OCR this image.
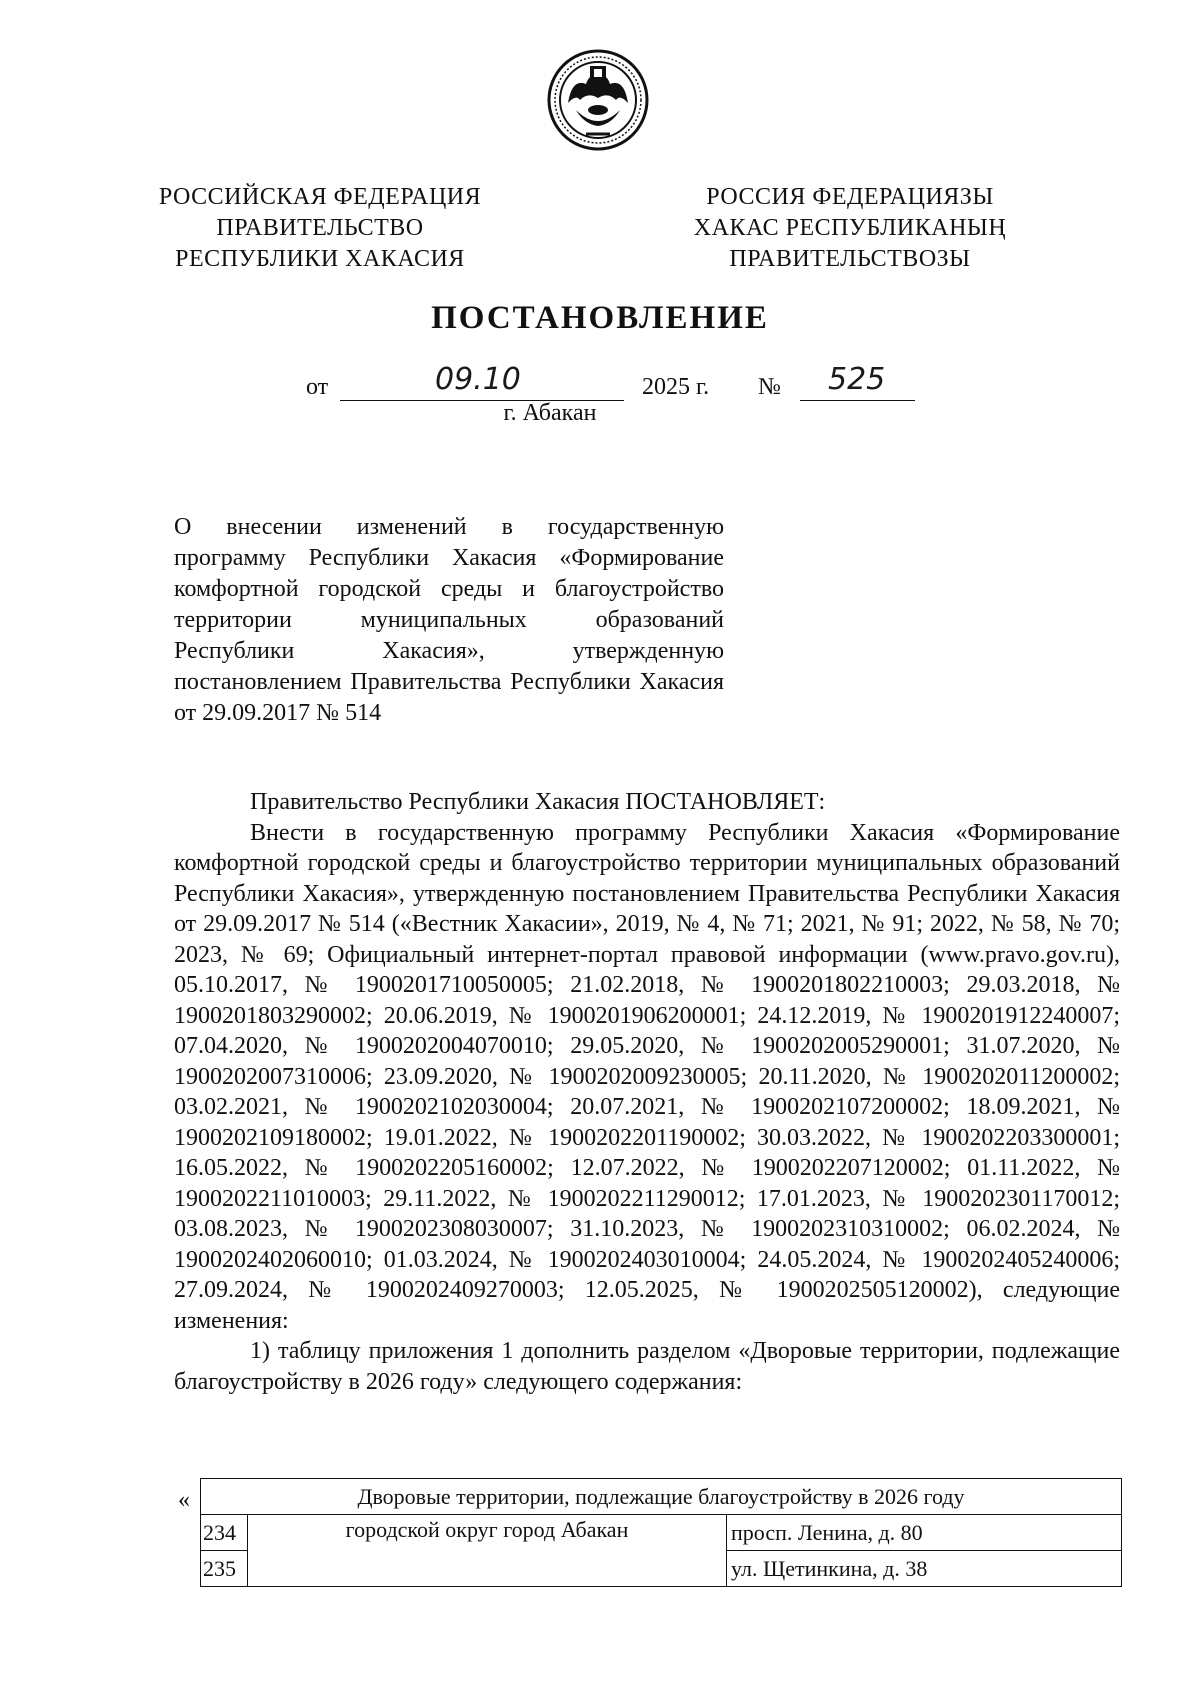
РОССИЙСКАЯ ФЕДЕРАЦИЯ
ПРАВИТЕЛЬСТВО
РЕСПУБЛИКИ ХАКАСИЯ
РОССИЯ ФЕДЕРАЦИЯЗЫ
ХАКАС РЕСПУБЛИКАНЫҢ
ПРАВИТЕЛЬСТВОЗЫ
ПОСТАНОВЛЕНИЕ
от	09.10	2025 г. № 525
г. Абакан
О внесении изменений в государственную программу Республики Хакасия «Формирование комфортной городской среды и благоустройство территории муниципальных образований Республики Хакасия», утвержденную постановлением Правительства Республики Хакасия от 29.09.2017 № 514

Правительство Республики Хакасия ПОСТАНОВЛЯЕТ:

Внести в государственную программу Республики Хакасия «Формирование комфортной городской среды и благоустройство территории муниципальных образований Республики Хакасия», утвержденную постановлением Правительства Республики Хакасия от 29.09.2017 № 514 («Вестник Хакасии», 2019, № 4, № 71; 2021, № 91; 2022, № 58, № 70; 2023, № 69; Официальный интернет-портал правовой информации (www.pravo.gov.ru), 05.10.2017, № 1900201710050005; 21.02.2018, № 1900201802210003; 29.03.2018, № 1900201803290002; 20.06.2019, № 1900201906200001; 24.12.2019, № 1900201912240007; 07.04.2020, № 1900202004070010; 29.05.2020, № 1900202005290001; 31.07.2020, № 1900202007310006; 23.09.2020, № 1900202009230005; 20.11.2020, № 1900202011200002; 03.02.2021, № 1900202102030004; 20.07.2021, № 1900202107200002; 18.09.2021, № 1900202109180002; 19.01.2022, № 1900202201190002; 30.03.2022, № 1900202203300001; 16.05.2022, № 1900202205160002; 12.07.2022, № 1900202207120002; 01.11.2022, № 1900202211010003; 29.11.2022, № 1900202211290012; 17.01.2023, № 1900202301170012; 03.08.2023, № 1900202308030007; 31.10.2023, № 1900202310310002; 06.02.2024, № 1900202402060010; 01.03.2024, № 1900202403010004; 24.05.2024, № 1900202405240006; 27.09.2024, № 1900202409270003; 12.05.2025, № 1900202505120002), следующие изменения:

1) таблицу приложения 1 дополнить разделом «Дворовые территории, подлежащие благоустройству в 2026 году» следующего содержания:

«	Дворовые территории, подлежащие благоустройству в 2026 году		
234	городской округ город Абакан	просп. Ленина, д. 80
235		ул. Щетинкина, д. 38
